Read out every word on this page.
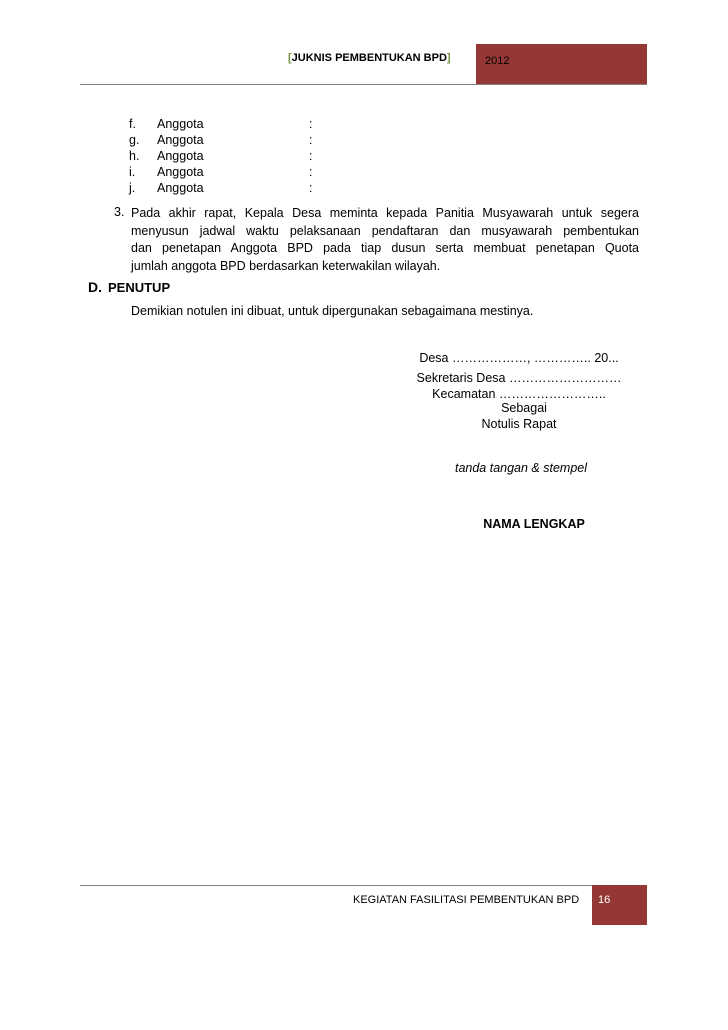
[JUKNIS PEMBENTUKAN BPD]	2012
f. Anggota	:
g. Anggota	:
h. Anggota	:
i. Anggota	:
j. Anggota	:
3. Pada akhir rapat, Kepala Desa meminta kepada Panitia Musyawarah untuk segera
menyusun jadwal waktu pelaksanaan pendaftaran dan musyawarah pembentukan
dan penetapan Anggota BPD pada tiap dusun serta membuat penetapan Quota
jumlah anggota BPD berdasarkan keterwakilan wilayah.
D. PENUTUP
Demikian notulen ini dibuat, untuk dipergunakan sebagaimana mestinya.
Desa ………………, ………….. 20...
Sekretaris Desa ………………………
Kecamatan ……………………..
Sebagai
Notulis Rapat
tanda tangan & stempel
NAMA LENGKAP
KEGIATAN FASILITASI PEMBENTUKAN BPD 16
